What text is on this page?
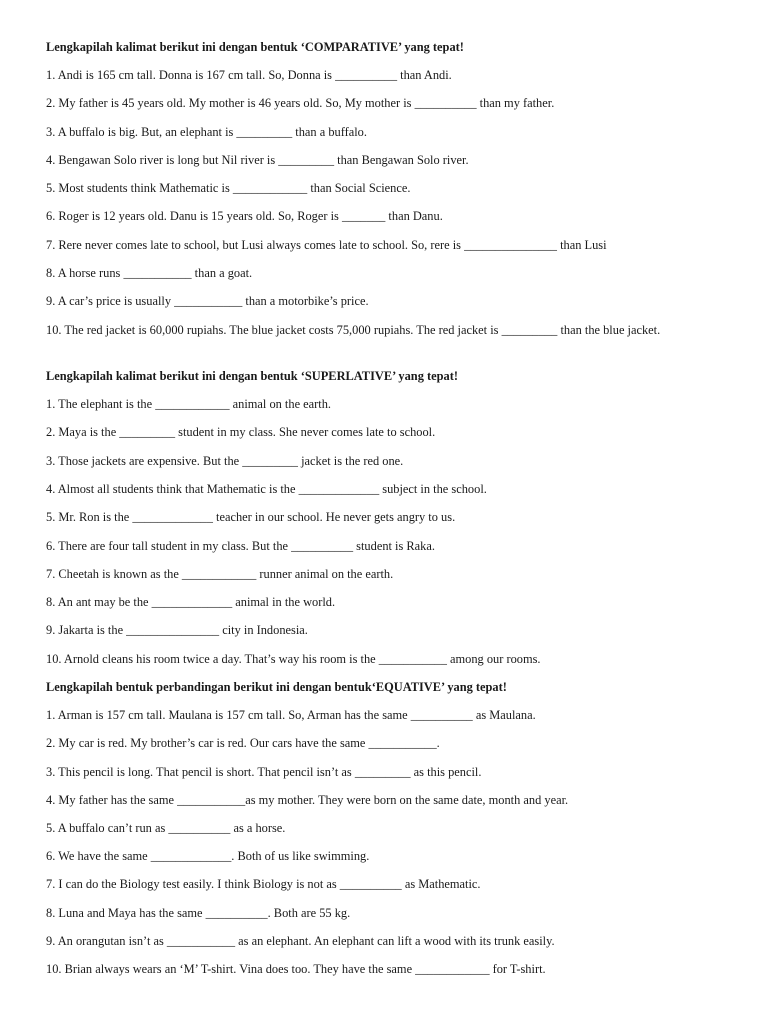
Lengkapilah kalimat berikut ini dengan bentuk ‘COMPARATIVE’ yang tepat!
1. Andi is 165 cm tall. Donna is 167 cm tall. So, Donna is __________ than Andi.
2. My father is 45 years old. My mother is 46 years old. So, My mother is __________ than my father.
3. A buffalo is big. But, an elephant is _________ than a buffalo.
4. Bengawan Solo river is long but Nil river is _________ than Bengawan Solo river.
5. Most students think Mathematic is ____________ than Social Science.
6. Roger is 12 years old. Danu is 15 years old. So, Roger is _______ than Danu.
7. Rere never comes late to school, but Lusi always comes late to school. So, rere is _______________ than Lusi
8. A horse runs ___________ than a goat.
9. A car’s price is usually ___________ than a motorbike’s price.
10. The red jacket is 60,000 rupiahs. The blue jacket costs 75,000 rupiahs. The red jacket is _________ than the blue jacket.
Lengkapilah kalimat berikut ini dengan bentuk ‘SUPERLATIVE’ yang tepat!
1. The elephant is the ____________ animal on the earth.
2. Maya is the _________ student in my class. She never comes late to school.
3. Those jackets are expensive. But the _________ jacket is the red one.
4. Almost all students think that Mathematic is the _____________ subject in the school.
5. Mr. Ron is the _____________ teacher in our school. He never gets angry to us.
6. There are four tall student in my class. But the __________ student is Raka.
7. Cheetah is known as the ____________ runner animal on the earth.
8. An ant may be the _____________ animal in the world.
9. Jakarta is the _______________ city in Indonesia.
10. Arnold cleans his room twice a day. That’s way his room is the ___________ among our rooms.
Lengkapilah bentuk perbandingan berikut ini dengan bentuk‘EQUATIVE’ yang tepat!
1. Arman is 157 cm tall. Maulana is 157 cm tall. So, Arman has the same __________ as Maulana.
2. My car is red. My brother’s car is red. Our cars have the same ___________.
3. This pencil is long. That pencil is short. That pencil isn’t as _________ as this pencil.
4. My father has the same ___________as my mother. They were born on the same date, month and year.
5. A buffalo can’t run as __________ as a horse.
6. We have the same _____________. Both of us like swimming.
7. I can do the Biology test easily. I think Biology is not as __________ as Mathematic.
8. Luna and Maya has the same __________. Both are 55 kg.
9. An orangutan isn’t as ___________ as an elephant. An elephant can lift a wood with its trunk easily.
10. Brian always wears an ‘M’ T-shirt. Vina does too. They have the same ____________ for T-shirt.
